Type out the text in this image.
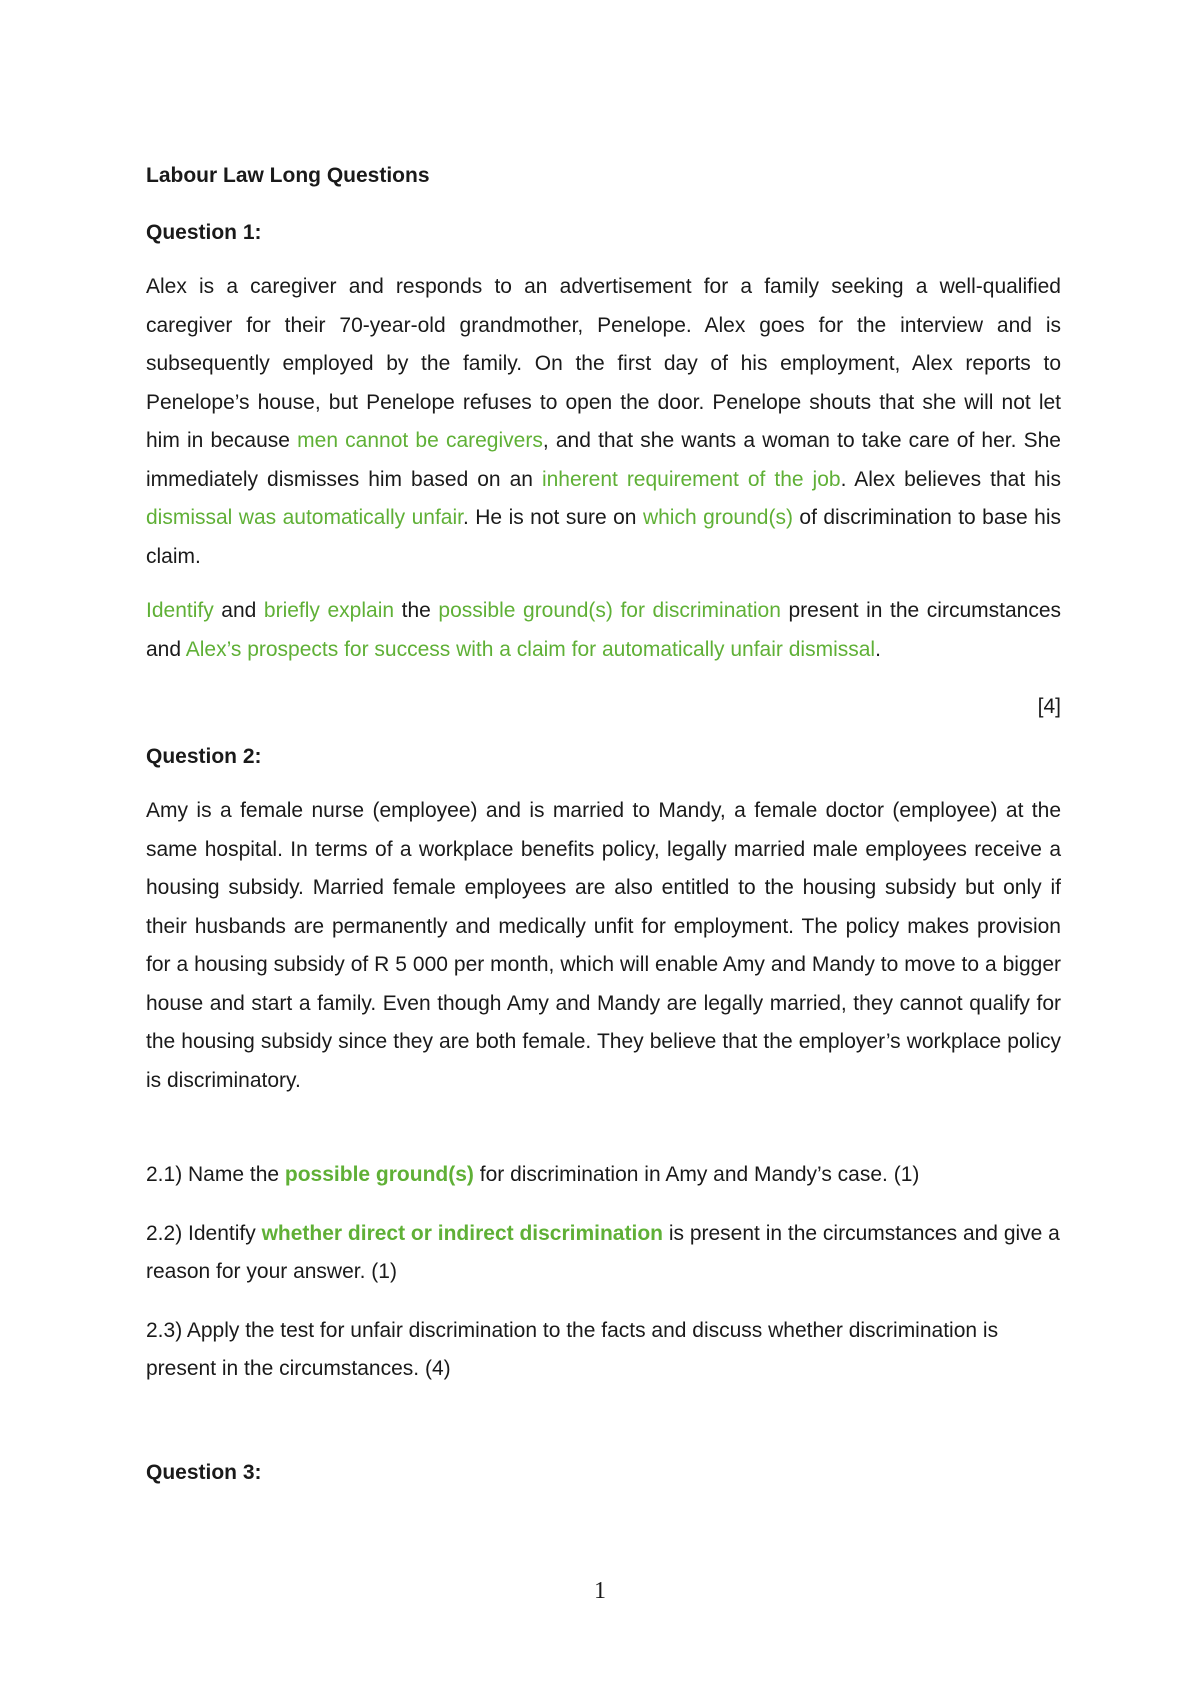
Labour Law Long Questions
Question 1:

Alex is a caregiver and responds to an advertisement for a family seeking a well-qualified caregiver for their 70-year-old grandmother, Penelope. Alex goes for the interview and is subsequently employed by the family. On the first day of his employment, Alex reports to Penelope’s house, but Penelope refuses to open the door. Penelope shouts that she will not let him in because men cannot be caregivers, and that she wants a woman to take care of her. She immediately dismisses him based on an inherent requirement of the job. Alex believes that his dismissal was automatically unfair. He is not sure on which ground(s) of discrimination to base his claim.

Identify and briefly explain the possible ground(s) for discrimination present in the circumstances and Alex’s prospects for success with a claim for automatically unfair dismissal.

[4]
Question 2:

Amy is a female nurse (employee) and is married to Mandy, a female doctor (employee) at the same hospital. In terms of a workplace benefits policy, legally married male employees receive a housing subsidy. Married female employees are also entitled to the housing subsidy but only if their husbands are permanently and medically unfit for employment. The policy makes provision for a housing subsidy of R 5 000 per month, which will enable Amy and Mandy to move to a bigger house and start a family. Even though Amy and Mandy are legally married, they cannot qualify for the housing subsidy since they are both female. They believe that the employer’s workplace policy is discriminatory.

2.1) Name the possible ground(s) for discrimination in Amy and Mandy’s case. (1)

2.2) Identify whether direct or indirect discrimination is present in the circumstances and give a reason for your answer. (1)

2.3) Apply the test for unfair discrimination to the facts and discuss whether discrimination is present in the circumstances. (4)

Question 3:
1
